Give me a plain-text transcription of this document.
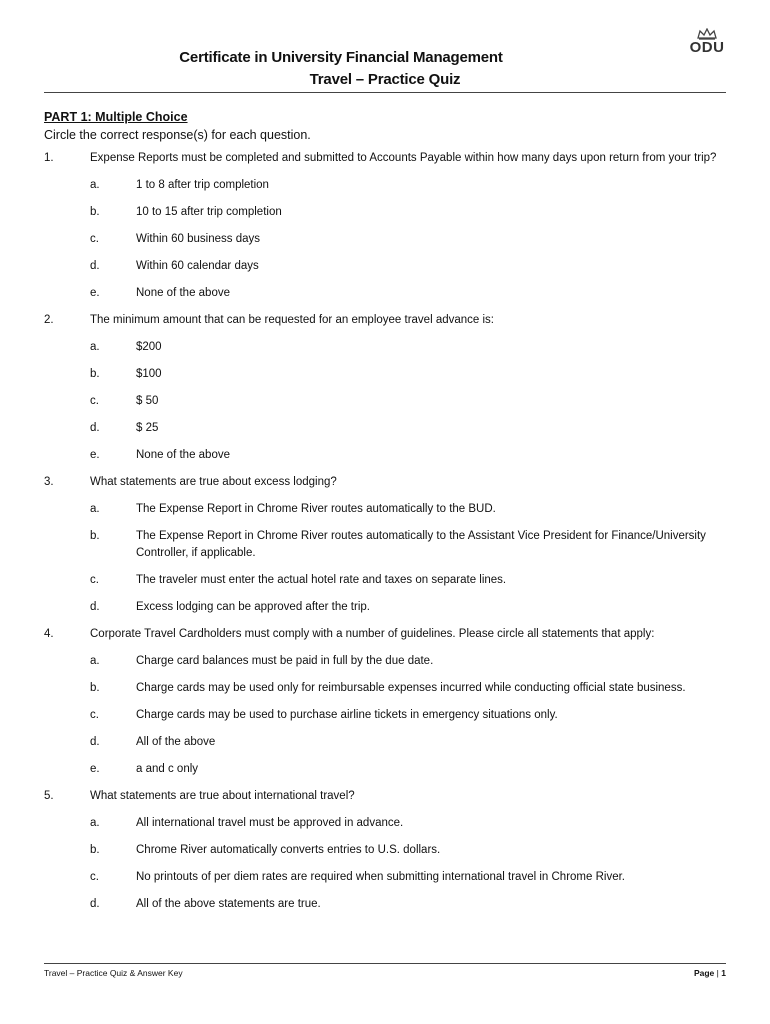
Certificate in University Financial Management
Travel – Practice Quiz
ODU
PART 1: Multiple Choice
Circle the correct response(s) for each question.
1.	Expense Reports must be completed and submitted to Accounts Payable within how many days upon return from your trip?
a.	1 to 8 after trip completion
b.	10 to 15 after trip completion
c.	Within 60 business days
d.	Within 60 calendar days
e.	None of the above
2.	The minimum amount that can be requested for an employee travel advance is:
a.	$200
b.	$100
c.	$ 50
d.	$ 25
e.	None of the above
3.	What statements are true about excess lodging?
a.	The Expense Report in Chrome River routes automatically to the BUD.
b.	The Expense Report in Chrome River routes automatically to the Assistant Vice President for Finance/University Controller, if applicable.
c.	The traveler must enter the actual hotel rate and taxes on separate lines.
d.	Excess lodging can be approved after the trip.
4.	Corporate Travel Cardholders must comply with a number of guidelines. Please circle all statements that apply:
a.	Charge card balances must be paid in full by the due date.
b.	Charge cards may be used only for reimbursable expenses incurred while conducting official state business.
c.	Charge cards may be used to purchase airline tickets in emergency situations only.
d.	All of the above
e.	a and c only
5.	What statements are true about international travel?
a.	All international travel must be approved in advance.
b.	Chrome River automatically converts entries to U.S. dollars.
c.	No printouts of per diem rates are required when submitting international travel in Chrome River.
d.	All of the above statements are true.
Travel – Practice Quiz & Answer Key	Page | 1
